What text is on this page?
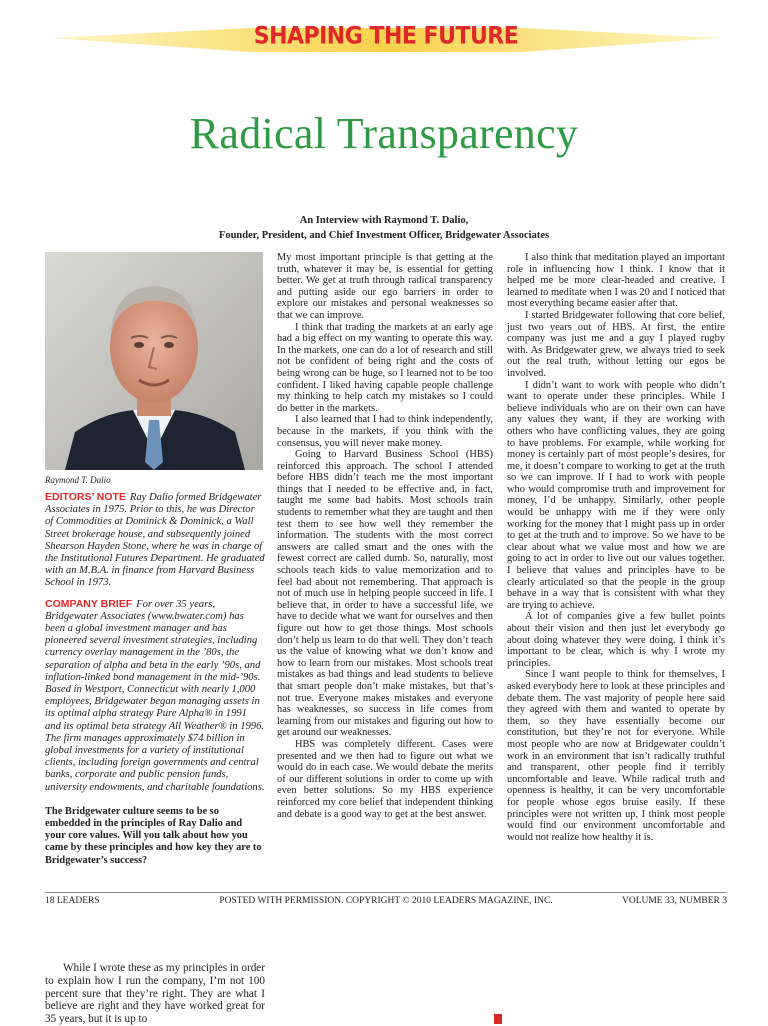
SHAPING THE FUTURE
Radical Transparency
An Interview with Raymond T. Dalio,
Founder, President, and Chief Investment Officer, Bridgewater Associates
Raymond T. Dalio

EDITORS’ NOTE Ray Dalio formed Bridgewater Associates in 1975. Prior to this, he was Director of Commodities at Dominick & Dominick, a Wall Street brokerage house, and subsequently joined Shearson Hayden Stone, where he was in charge of the Institutional Futures Department. He graduated with an M.B.A. in finance from Harvard Business School in 1973.

COMPANY BRIEF For over 35 years, Bridgewater Associates (www.bwater.com) has been a global investment manager and has pioneered several investment strategies, including currency overlay management in the ’80s, the separation of alpha and beta in the early ’90s, and inflation-linked bond management in the mid-’90s. Based in Westport, Connecticut with nearly 1,000 employees, Bridgewater began managing assets in its optimal alpha strategy Pure Alpha® in 1991 and its optimal beta strategy All Weather® in 1996. The firm manages approximately $74 billion in global investments for a variety of institutional clients, including foreign governments and central banks, corporate and public pension funds, university endowments, and charitable foundations.

The Bridgewater culture seems to be so embedded in the principles of Ray Dalio and your core values. Will you talk about how you came by these principles and how key they are to Bridgewater’s success?

My most important principle is that getting at the truth, whatever it may be, is essential for getting better. We get at truth through radical transparency and putting aside our ego barriers in order to explore our mistakes and personal weaknesses so that we can improve.

I think that trading the markets at an early age had a big effect on my wanting to operate this way. In the markets, one can do a lot of research and still not be confident of being right and the costs of being wrong can be huge, so I learned not to be too confident. I liked having capable people challenge my thinking to help catch my mistakes so I could do better in the markets.

I also learned that I had to think independently, because in the markets, if you think with the consensus, you will never make money.

Going to Harvard Business School (HBS) reinforced this approach. The school I attended before HBS didn’t teach me the most important things that I needed to be effective and, in fact, taught me some bad habits. Most schools train students to remember what they are taught and then test them to see how well they remember the information. The students with the most correct answers are called smart and the ones with the fewest correct are called dumb. So, naturally, most schools teach kids to value memorization and to feel bad about not remembering. That approach is not of much use in helping people succeed in life. I believe that, in order to have a successful life, we have to decide what we want for ourselves and then figure out how to get those things. Most schools don’t help us learn to do that well. They don’t teach us the value of knowing what we don’t know and how to learn from our mistakes. Most schools treat mistakes as bad things and lead students to believe that smart people don’t make mistakes, but that’s not true. Everyone makes mistakes and everyone has weaknesses, so success in life comes from learning from our mistakes and figuring out how to get around our weaknesses.

HBS was completely different. Cases were presented and we then had to figure out what we would do in each case. We would debate the merits of our different solutions in order to come up with even better solutions. So my HBS experience reinforced my core belief that independent thinking and debate is a good way to get at the best answer.

I also think that meditation played an important role in influencing how I think. I know that it helped me be more clear-headed and creative. I learned to meditate when I was 20 and I noticed that most everything became easier after that.

I started Bridgewater following that core belief, just two years out of HBS. At first, the entire company was just me and a guy I played rugby with. As Bridgewater grew, we always tried to seek out the real truth, without letting our egos be involved.

I didn’t want to work with people who didn’t want to operate under these principles. While I believe individuals who are on their own can have any values they want, if they are working with others who have conflicting values, they are going to have problems. For example, while working for money is certainly part of most people’s desires, for me, it doesn’t compare to working to get at the truth so we can improve. If I had to work with people who would compromise truth and improvement for money, I’d be unhappy. Similarly, other people would be unhappy with me if they were only working for the money that I might pass up in order to get at the truth and to improve. So we have to be clear about what we value most and how we are going to act in order to live out our values together. I believe that values and principles have to be clearly articulated so that the people in the group behave in a way that is consistent with what they are trying to achieve.

A lot of companies give a few bullet points about their vision and then just let everybody go about doing whatever they were doing. I think it’s important to be clear, which is why I wrote my principles.

Since I want people to think for themselves, I asked everybody here to look at these principles and debate them. The vast majority of people here said they agreed with them and wanted to operate by them, so they have essentially become our constitution, but they’re not for everyone. While most people who are now at Bridgewater couldn’t work in an environment that isn’t radically truthful and transparent, other people find it terribly uncomfortable and leave. While radical truth and openness is healthy, it can be very uncomfortable for people whose egos bruise easily. If these principles were not written up, I think most people would find our environment uncomfortable and would not realize how healthy it is.

18 LEADERS	POSTED WITH PERMISSION. COPYRIGHT © 2010 LEADERS MAGAZINE, INC.	VOLUME 33, NUMBER 3

While I wrote these as my principles in order to explain how I run the company, I’m not 100 percent sure that they’re right. They are what I believe are right and they have worked great for 35 years, but it is up to
